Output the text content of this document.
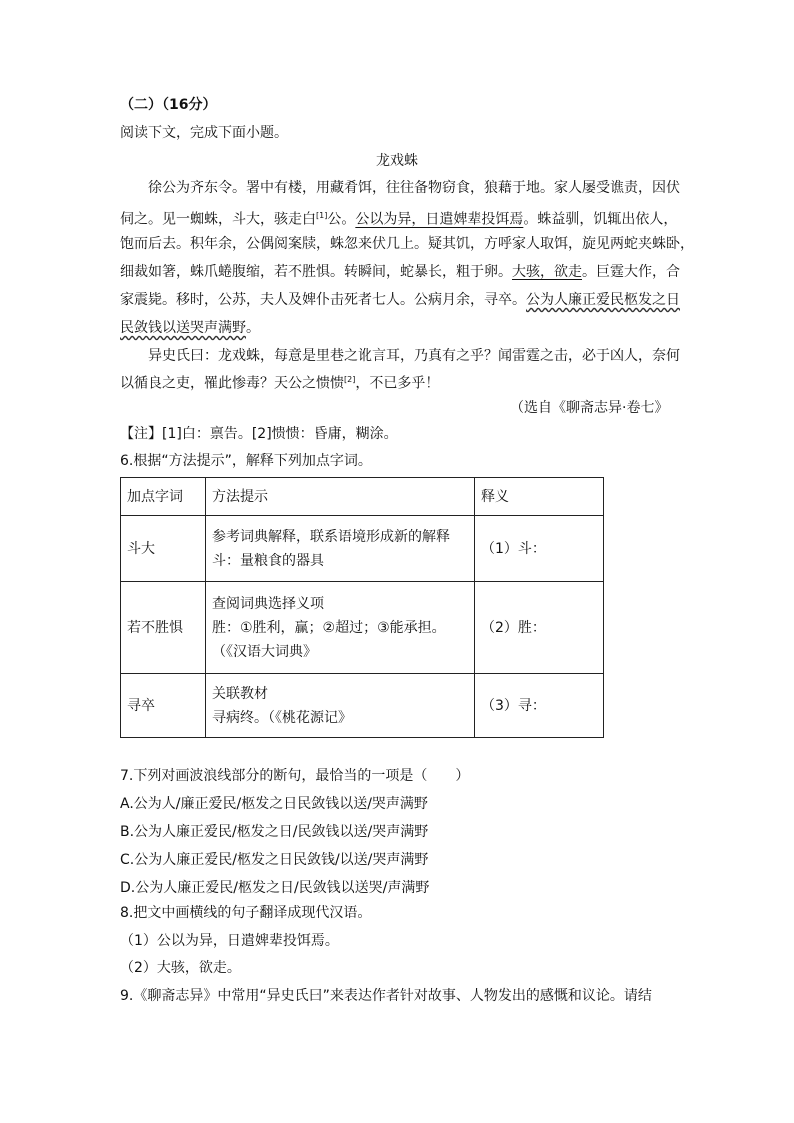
（二）（16分）
阅读下文，完成下面小题。
龙戏蛛
徐公为齐东令。署中有楼，用藏肴饵，往往备物窃食，狼藉于地。家人屡受谯责，因伏
伺之。见一蜘蛛，斗大，骇走白[1]公。公以为异，日遣婢辈投饵焉。蛛益驯，饥辄出依人，
饱而后去。积年余，公偶阅案牍，蛛忽来伏几上。疑其饥，方呼家人取饵，旋见两蛇夹蛛卧，
细裁如箸，蛛爪蜷腹缩，若不胜惧。转瞬间，蛇暴长，粗于卵。大骇，欲走。巨霆大作，合
家震毙。移时，公苏，夫人及婢仆击死者七人。公病月余，寻卒。公为人廉正爱民柩发之日
民敛钱以送哭声满野。
异史氏曰：龙戏蛛，每意是里巷之讹言耳，乃真有之乎？闻雷霆之击，必于凶人，奈何
以循良之吏，罹此惨毒？天公之愦愦[2]，不已多乎！
（选自《聊斋志异·卷七》
【注】[1]白：禀告。[2]愦愦：昏庸，糊涂。
6.根据“方法提示”，解释下列加点字词。
加点字词	方法提示	释义
斗大	参考词典解释，联系语境形成新的解释
斗：量粮食的器具	（1）斗：
若不胜惧	查阅词典选择义项
胜：①胜利，赢；②超过；③能承担。
（《汉语大词典》	（2）胜：
寻卒	关联教材
寻病终。（《桃花源记》	（3）寻：
7.下列对画波浪线部分的断句，最恰当的一项是（　　）
A.公为人/廉正爱民/柩发之日民敛钱以送/哭声满野
B.公为人廉正爱民/柩发之日/民敛钱以送/哭声满野
C.公为人廉正爱民/柩发之日民敛钱/以送/哭声满野
D.公为人廉正爱民/柩发之日/民敛钱以送哭/声满野
8.把文中画横线的句子翻译成现代汉语。
（1）公以为异，日遣婢辈投饵焉。
（2）大骇，欲走。
9.《聊斋志异》中常用“异史氏曰”来表达作者针对故事、人物发出的感慨和议论。请结
